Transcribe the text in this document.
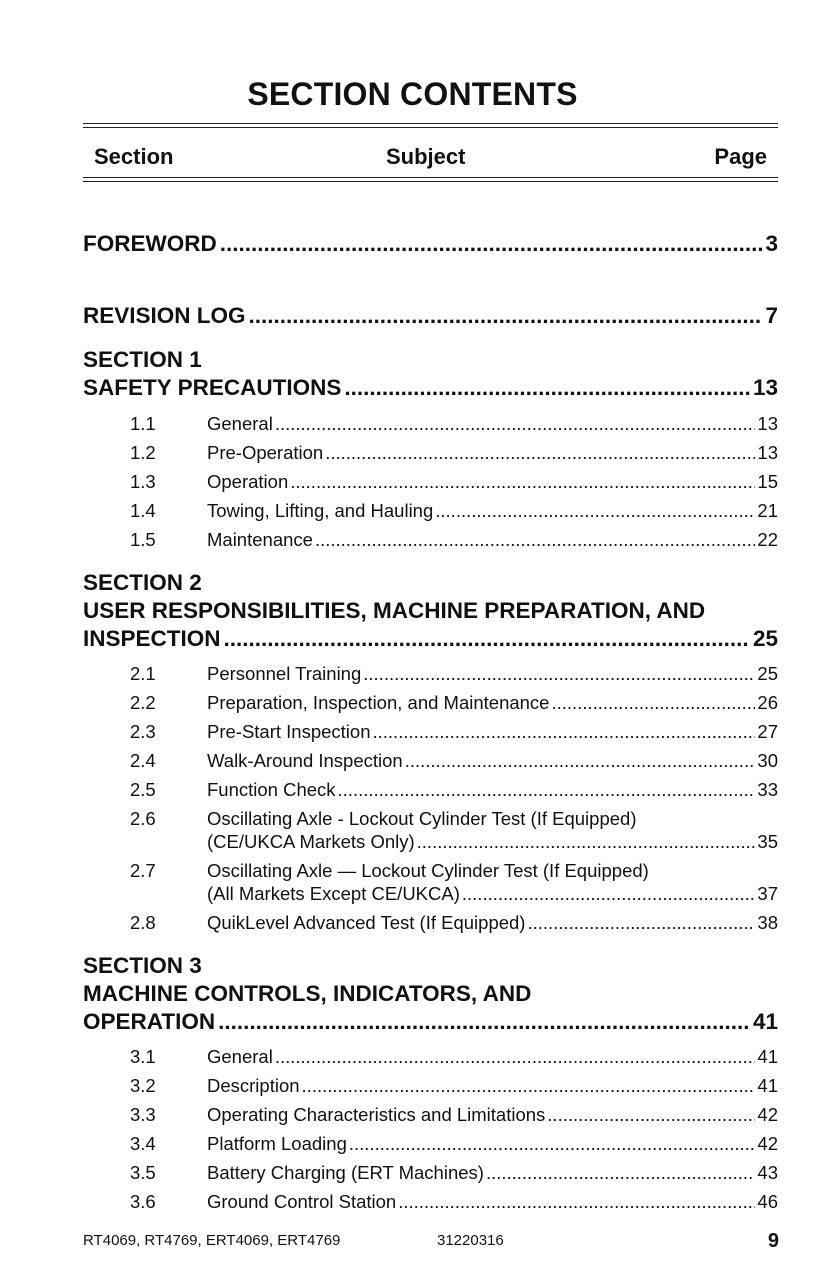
SECTION CONTENTS
Section	Subject	Page
FOREWORD .....	3
REVISION LOG .....	7
SECTION 1
SAFETY PRECAUTIONS .....	13
1.1	General .....	13
1.2	Pre-Operation .....	13
1.3	Operation .....	15
1.4	Towing, Lifting, and Hauling .....	21
1.5	Maintenance .....	22
SECTION 2
USER RESPONSIBILITIES, MACHINE PREPARATION, AND
INSPECTION .....	25
2.1	Personnel Training .....	25
2.2	Preparation, Inspection, and Maintenance .....	26
2.3	Pre-Start Inspection .....	27
2.4	Walk-Around Inspection .....	30
2.5	Function Check .....	33
2.6	Oscillating Axle - Lockout Cylinder Test (If Equipped)
(CE/UKCA Markets Only) .....	35
2.7	Oscillating Axle — Lockout Cylinder Test (If Equipped)
(All Markets Except CE/UKCA) .....	37
2.8	QuikLevel Advanced Test (If Equipped) .....	38
SECTION 3
MACHINE CONTROLS, INDICATORS, AND
OPERATION .....	41
3.1	General .....	41
3.2	Description .....	41
3.3	Operating Characteristics and Limitations .....	42
3.4	Platform Loading .....	42
3.5	Battery Charging (ERT Machines) .....	43
3.6	Ground Control Station .....	46
RT4069, RT4769, ERT4069, ERT4769	31220316	9
